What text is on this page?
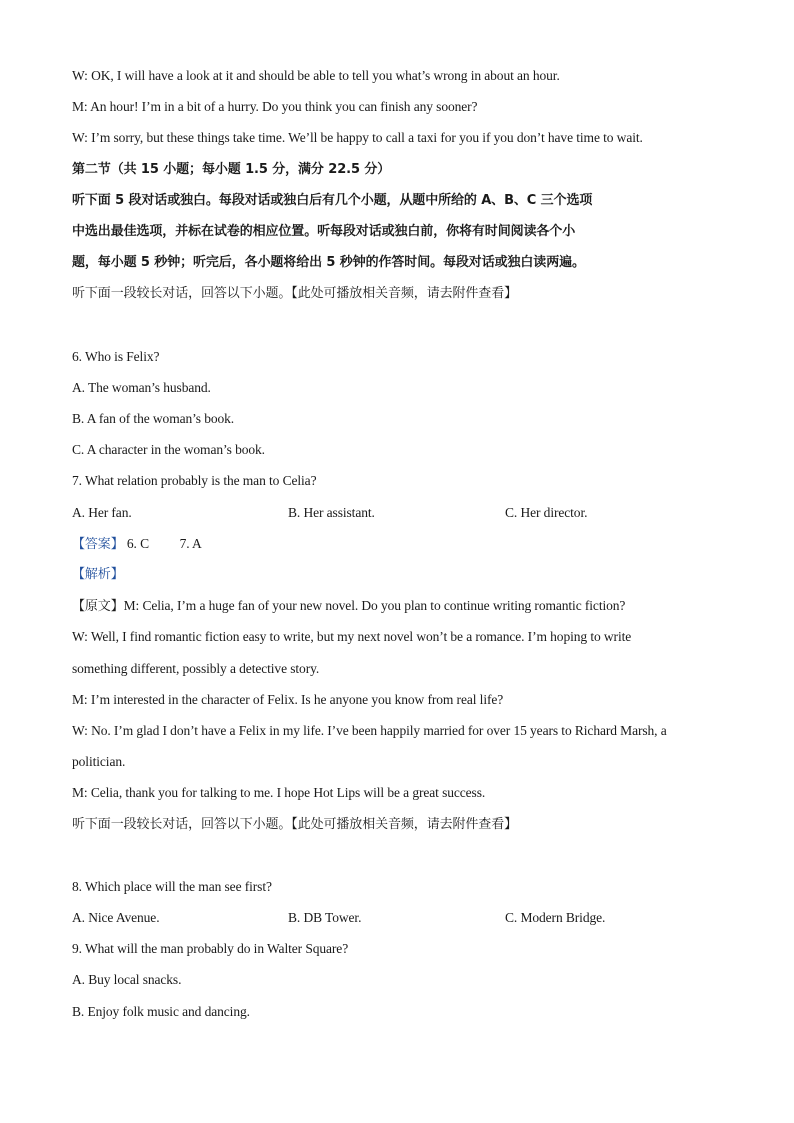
W: OK, I will have a look at it and should be able to tell you what’s wrong in about an hour.
M: An hour! I’m in a bit of a hurry. Do you think you can finish any sooner?
W: I’m sorry, but these things take time. We’ll be happy to call a taxi for you if you don’t have time to wait.
第二节（共 15 小题；每小题 1.5 分，满分 22.5 分）
听下面 5 段对话或独白。每段对话或独白后有几个小题，从题中所给的 A、B、C 三个选项
中选出最佳选项，并标在试卷的相应位置。听每段对话或独白前，你将有时间阅读各个小
题，每小题 5 秒钟；听完后，各小题将给出 5 秒钟的作答时间。每段对话或独白读两遍。
听下面一段较长对话，回答以下小题。【此处可播放相关音频，请去附件查看】
6. Who is Felix?
A. The woman’s husband.
B. A fan of the woman’s book.
C. A character in the woman’s book.
7. What relation probably is the man to Celia?
A. Her fan.	B. Her assistant.	C. Her director.
【答案】 6. C 7. A
【解析】
【原文】M: Celia, I’m a huge fan of your new novel. Do you plan to continue writing romantic fiction?
W: Well, I find romantic fiction easy to write, but my next novel won’t be a romance. I’m hoping to write
something different, possibly a detective story.
M: I’m interested in the character of Felix. Is he anyone you know from real life?
W: No. I’m glad I don’t have a Felix in my life. I’ve been happily married for over 15 years to Richard Marsh, a
politician.
M: Celia, thank you for talking to me. I hope Hot Lips will be a great success.
听下面一段较长对话，回答以下小题。【此处可播放相关音频，请去附件查看】
8. Which place will the man see first?
A. Nice Avenue.	B. DB Tower.	C. Modern Bridge.
9. What will the man probably do in Walter Square?
A. Buy local snacks.
B. Enjoy folk music and dancing.
